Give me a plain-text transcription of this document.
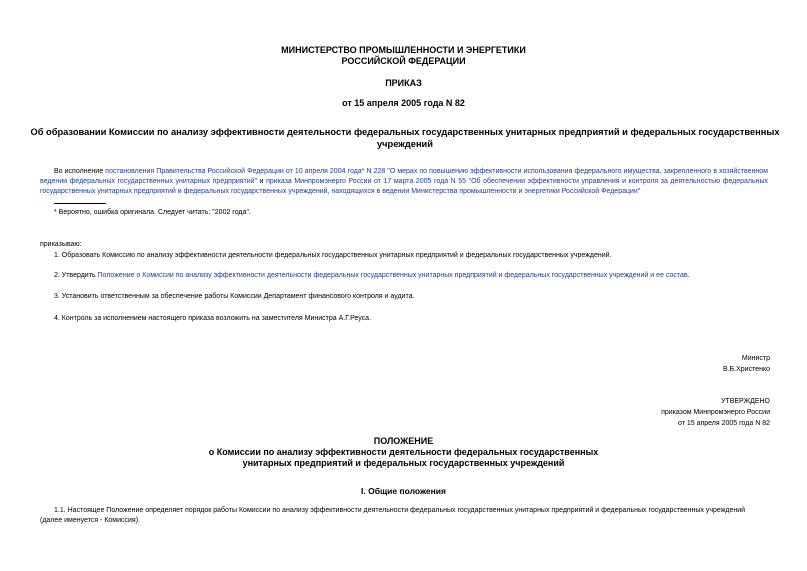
МИНИСТЕРСТВО ПРОМЫШЛЕННОСТИ И ЭНЕРГЕТИКИ
РОССИЙСКОЙ ФЕДЕРАЦИИ
ПРИКАЗ
от 15 апреля 2005 года N 82
Об образовании Комиссии по анализу эффективности деятельности федеральных государственных унитарных предприятий и федеральных государственных
учреждений
Во исполнение постановления Правительства Российской Федерации от 10 апреля 2004 года* N 228 "О мерах по повышению эффективности использования федерального имущества, закрепленного в хозяйственном ведении федеральных государственных унитарных предприятий" и приказа Минпромэнерго России от 17 марта 2005 года N 55 "Об обеспечении эффективности управления и контроля за деятельностью федеральных государственных унитарных предприятий и федеральных государственных учреждений, находящихся в ведении Министерства промышленности и энергетики Российской Федерации"
* Вероятно, ошибка оригинала. Следует читать: "2002 года".
приказываю:
1. Образовать Комиссию по анализу эффективности деятельности федеральных государственных унитарных предприятий и федеральных государственных учреждений.
2. Утвердить Положение о Комиссии по анализу эффективности деятельности федеральных государственных унитарных предприятий и федеральных государственных учреждений и ее состав.
3. Установить ответственным за обеспечение работы Комиссии Департамент финансового контроля и аудита.
4. Контроль за исполнением настоящего приказа возложить на заместителя Министра А.Г.Реуса.
Министр
В.Б.Христенко
УТВЕРЖДЕНО
приказом Минпромэнерго России
от 15 апреля 2005 года N 82
ПОЛОЖЕНИЕ
о Комиссии по анализу эффективности деятельности федеральных государственных
унитарных предприятий и федеральных государственных учреждений
I. Общие положения
1.1. Настоящее Положение определяет порядок работы Комиссии по анализу эффективности деятельности федеральных государственных унитарных предприятий и федеральных государственных учреждений
(далее именуется - Комиссия).
